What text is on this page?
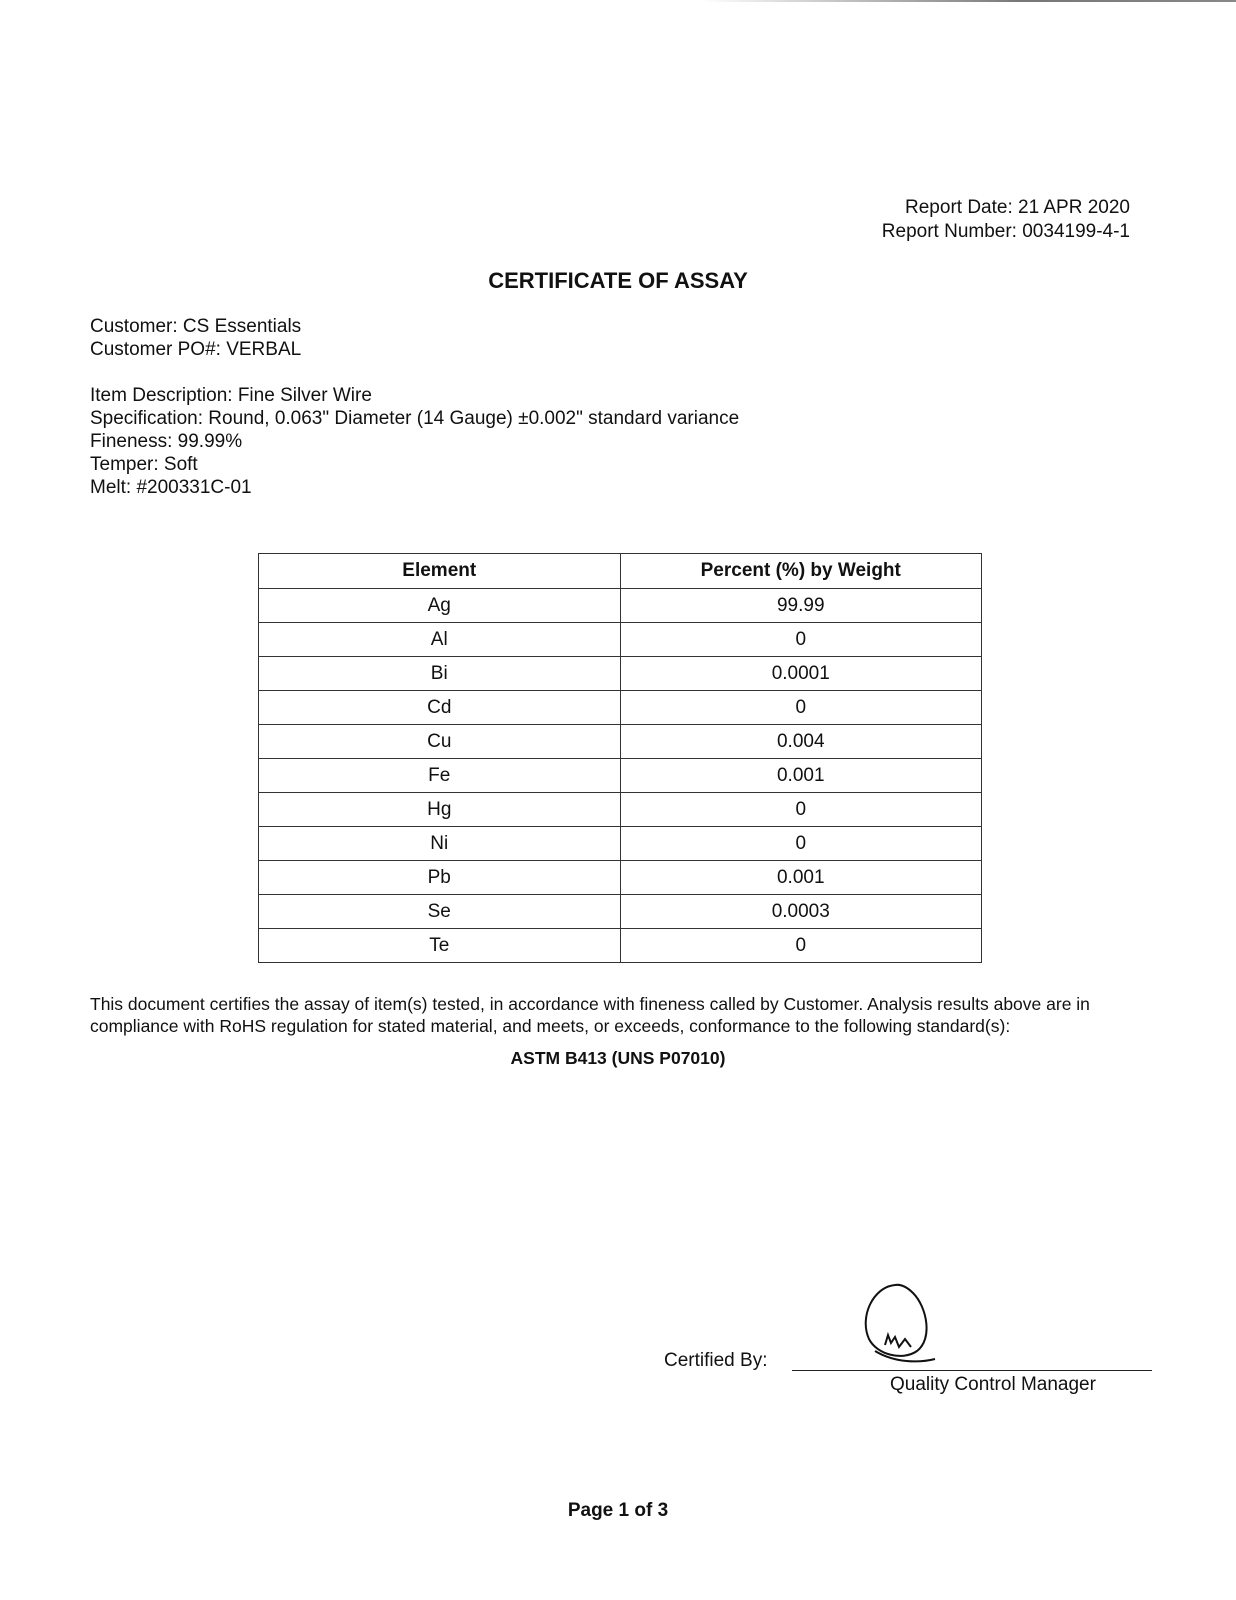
Report Date: 21 APR 2020
Report Number: 0034199-4-1
CERTIFICATE OF ASSAY
Customer: CS Essentials
Customer PO#: VERBAL
Item Description: Fine Silver Wire
Specification: Round, 0.063" Diameter (14 Gauge) ±0.002" standard variance
Fineness: 99.99%
Temper: Soft
Melt: #200331C-01
Element	Percent (%) by Weight
Ag	99.99
Al	0
Bi	0.0001
Cd	0
Cu	0.004
Fe	0.001
Hg	0
Ni	0
Pb	0.001
Se	0.0003
Te	0
This document certifies the assay of item(s) tested, in accordance with fineness called by Customer. Analysis results above are in compliance with RoHS regulation for stated material, and meets, or exceeds, conformance to the following standard(s):
ASTM B413 (UNS P07010)
Certified By:
Quality Control Manager
Page 1 of 3
